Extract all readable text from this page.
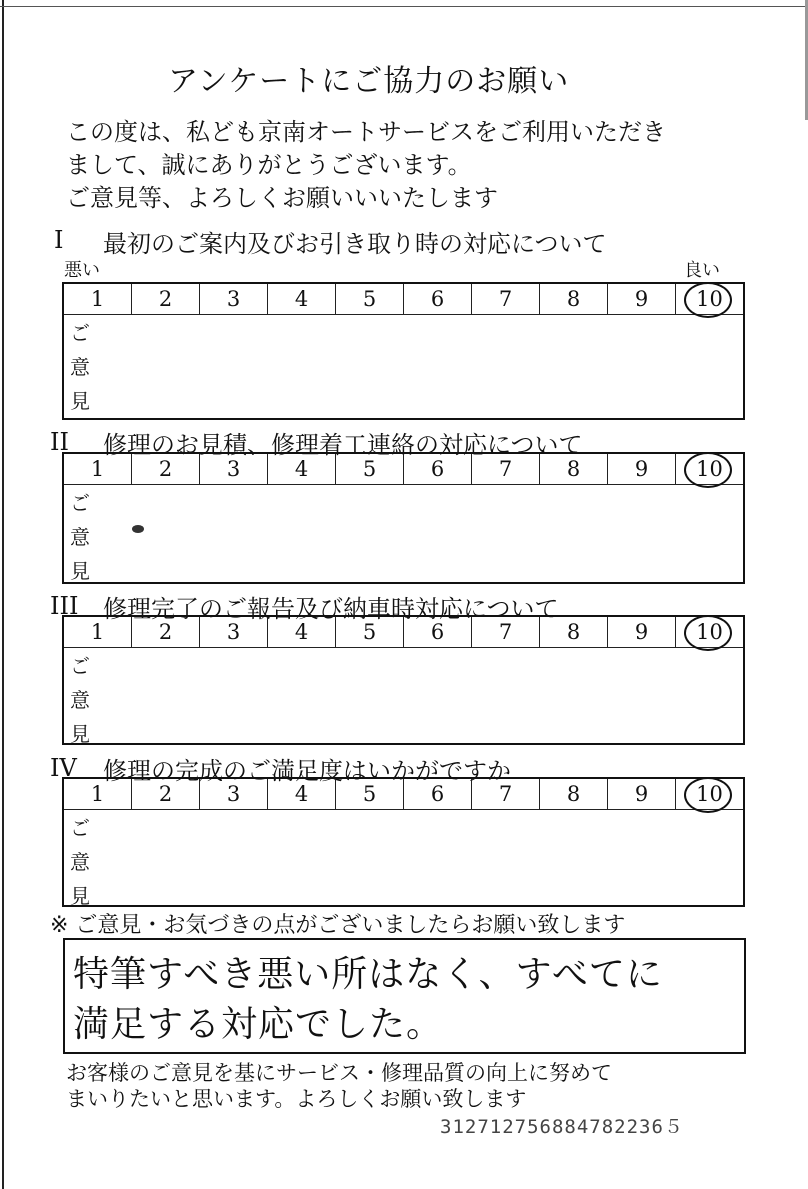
アンケートにご協力のお願い
この度は、私ども京南オートサービスをご利用いただき
まして、誠にありがとうございます。
ご意見等、よろしくお願いいいたします
I 最初のご案内及びお引き取り時の対応について
悪い	良い
1	2	3	4	5	6	7	8	9	10
ご
意
見
II 修理のお見積、修理着工連絡の対応について
1	2	3	4	5	6	7	8	9	10
ご
意
見
III 修理完了のご報告及び納車時対応について
1	2	3	4	5	6	7	8	9	10
ご
意
見
IV 修理の完成のご満足度はいかがですか
1	2	3	4	5	6	7	8	9	10
ご
意
見
※ ご意見・お気づきの点がございましたらお願い致します
特筆すべき悪い所はなく、すべてに
満足する対応でした。
お客様のご意見を基にサービス・修理品質の向上に努めて
まいりたいと思います。よろしくお願い致します
312712756884782236５
